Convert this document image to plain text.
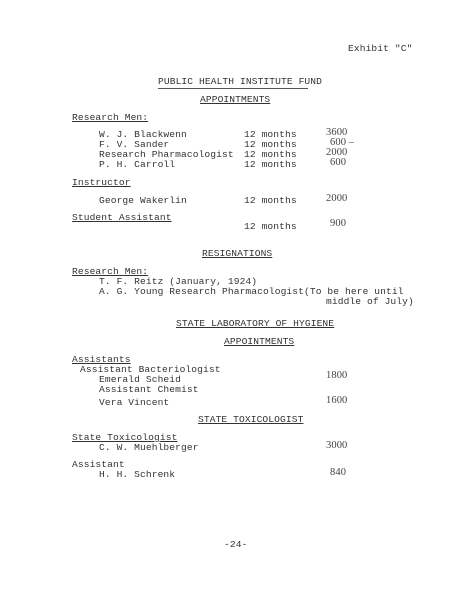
Exhibit "C"
PUBLIC HEALTH INSTITUTE FUND
APPOINTMENTS
Research Men:
W. J. Blackwenn	12 months	3600
F. V. Sander	12 months	600 –
Research Pharmacologist 12 months	2000
P. H. Carroll	12 months	600
Instructor
George Wakerlin	12 months	2000
Student Assistant
12 months	900
RESIGNATIONS
Research Men:
T. F. Reitz (January, 1924)
A. G. Young Research Pharmacologist(To be here until
middle of July)
STATE LABORATORY OF HYGIENE
APPOINTMENTS
Assistants
Assistant Bacteriologist
Emerald Scheid	1800
Assistant Chemist
Vera Vincent	1600
STATE TOXICOLOGIST
State Toxicologist
C. W. Muehlberger	3000
Assistant
H. H. Schrenk	840
-24-
